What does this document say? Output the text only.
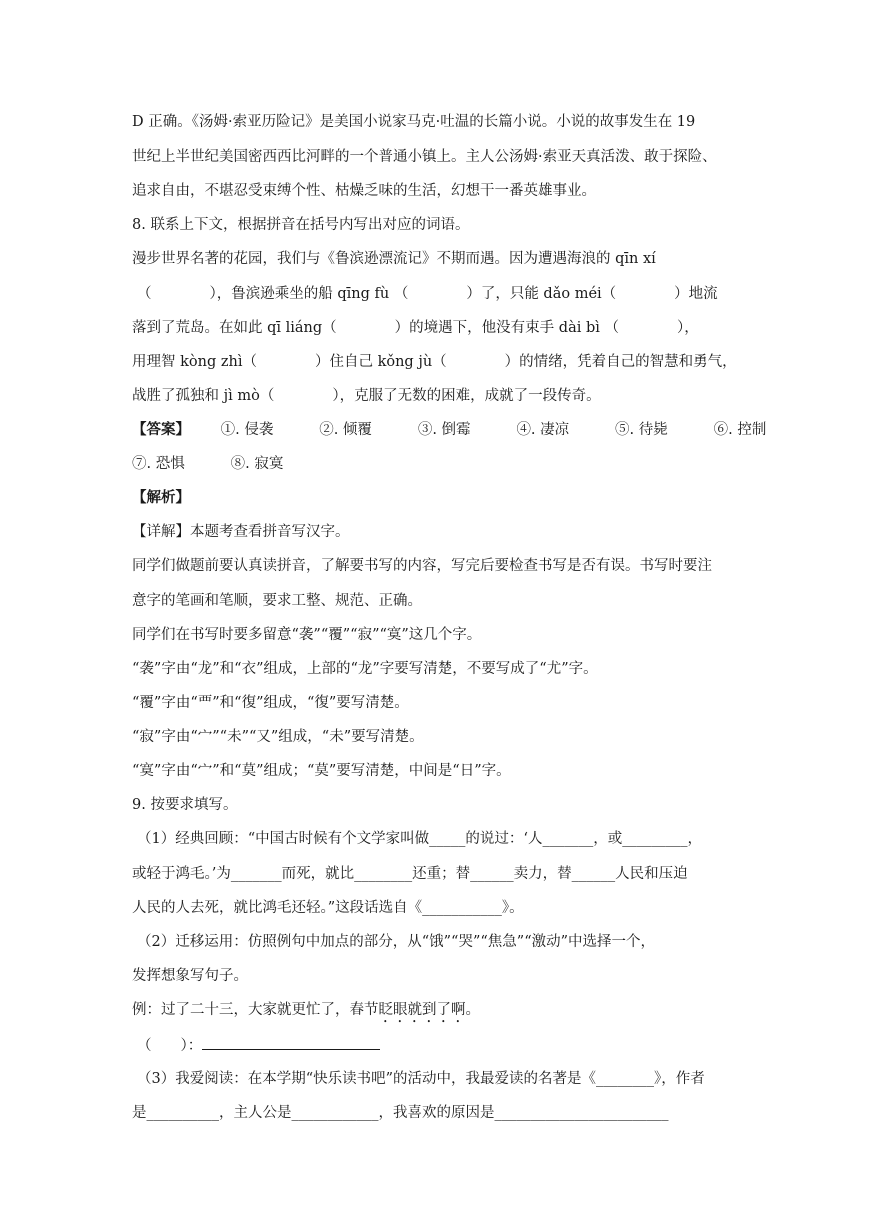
D 正确。《汤姆·索亚历险记》是美国小说家马克·吐温的长篇小说。小说的故事发生在 19
世纪上半世纪美国密西西比河畔的一个普通小镇上。主人公汤姆·索亚天真活泼、敢于探险、
追求自由，不堪忍受束缚个性、枯燥乏味的生活，幻想干一番英雄事业。
8. 联系上下文，根据拼音在括号内写出对应的词语。
漫步世界名著的花园，我们与《鲁滨逊漂流记》不期而遇。因为遭遇海浪的 qīn xí
（　　　　），鲁滨逊乘坐的船 qīng fù （　　　　）了，只能 dǎo méi（　　　　）地流
落到了荒岛。在如此 qī liáng（　　　　）的境遇下，他没有束手 dài bì （　　　　），
用理智 kòng zhì（　　　　）住自己 kǒng jù（　　　　）的情绪，凭着自己的智慧和勇气，
战胜了孤独和 jì mò（　　　　），克服了无数的困难，成就了一段传奇。
【答案】 ①. 侵袭	②. 倾覆	③. 倒霉	④. 凄凉	⑤. 待毙	⑥. 控制
⑦. 恐惧	⑧. 寂寞
【解析】
【详解】本题考查看拼音写汉字。
同学们做题前要认真读拼音，了解要书写的内容，写完后要检查书写是否有误。书写时要注
意字的笔画和笔顺，要求工整、规范、正确。
同学们在书写时要多留意“袭”“覆”“寂”“寞”这几个字。
“袭”字由“龙”和“衣”组成，上部的“龙”字要写清楚，不要写成了“尤”字。
“覆”字由“覀”和“復”组成，“復”要写清楚。
“寂”字由“宀”“未”“又”组成，“未”要写清楚。
“寞”字由“宀”和“莫”组成；“莫”要写清楚，中间是“日”字。
9. 按要求填写。
（1）经典回顾：“中国古时候有个文学家叫做_____的说过：‘人_______，或_________，
或轻于鸿毛。’为_______而死，就比________还重；替______卖力，替______人民和压迫
人民的人去死，就比鸿毛还轻。”这段话选自《___________》。
（2）迁移运用：仿照例句中加点的部分，从“饿”“哭”“焦急”“激动”中选择一个，
发挥想象写句子。
例：过了二十三，大家就更忙了，春节眨眼就到了啊。
（　　）：
（3）我爱阅读：在本学期“快乐读书吧”的活动中，我最爱读的名著是《________》，作者
是__________，主人公是____________，我喜欢的原因是________________________
